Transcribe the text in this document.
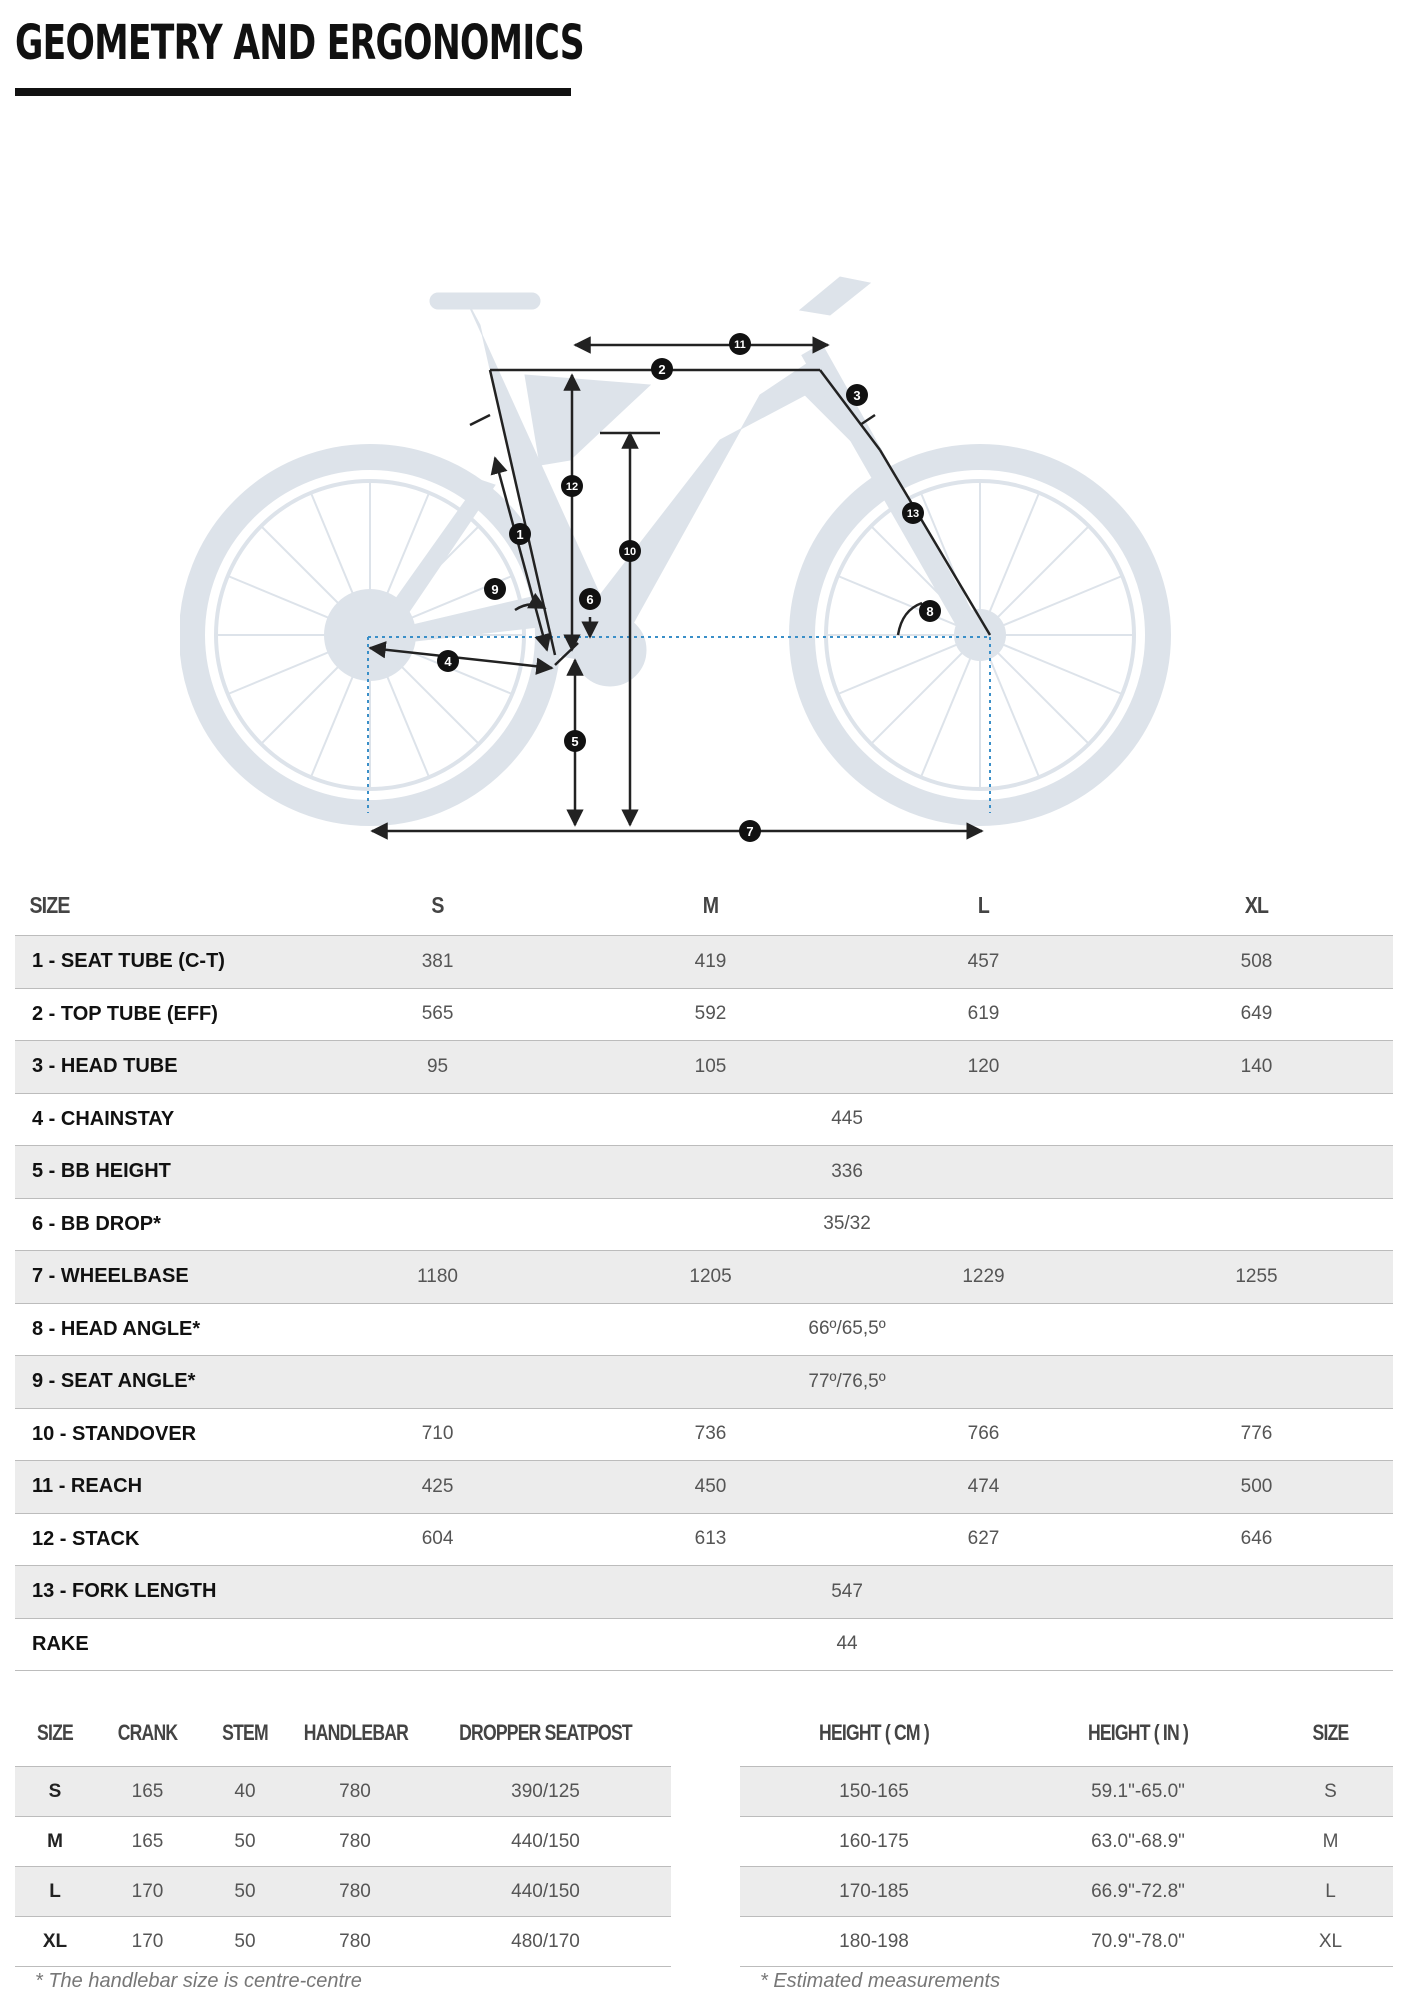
GEOMETRY AND ERGONOMICS
1
2
3
4
5
6
7
8
9
10
11
12
13
SIZE	S	M	L	XL
1 - SEAT TUBE (C-T)	381	419	457	508
2 - TOP TUBE (EFF)	565	592	619	649
3 - HEAD TUBE	95	105	120	140
4 - CHAINSTAY	445			
5 - BB HEIGHT	336			
6 - BB DROP*	35/32			
7 - WHEELBASE	1180	1205	1229	1255
8 - HEAD ANGLE*	66º/65,5º			
9 - SEAT ANGLE*	77º/76,5º			
10 - STANDOVER	710	736	766	776
11 - REACH	425	450	474	500
12 - STACK	604	613	627	646
13 - FORK LENGTH	547			
RAKE	44			
SIZE	CRANK	STEM	HANDLEBAR	DROPPER SEATPOST
S	165	40	780	390/125
M	165	50	780	440/150
L	170	50	780	440/150
XL	170	50	780	480/170
* The handlebar size is centre-centre
HEIGHT ( CM )	HEIGHT ( IN )	SIZE
150-165	59.1"-65.0"	S
160-175	63.0"-68.9"	M
170-185	66.9"-72.8"	L
180-198	70.9"-78.0"	XL
* Estimated measurements
